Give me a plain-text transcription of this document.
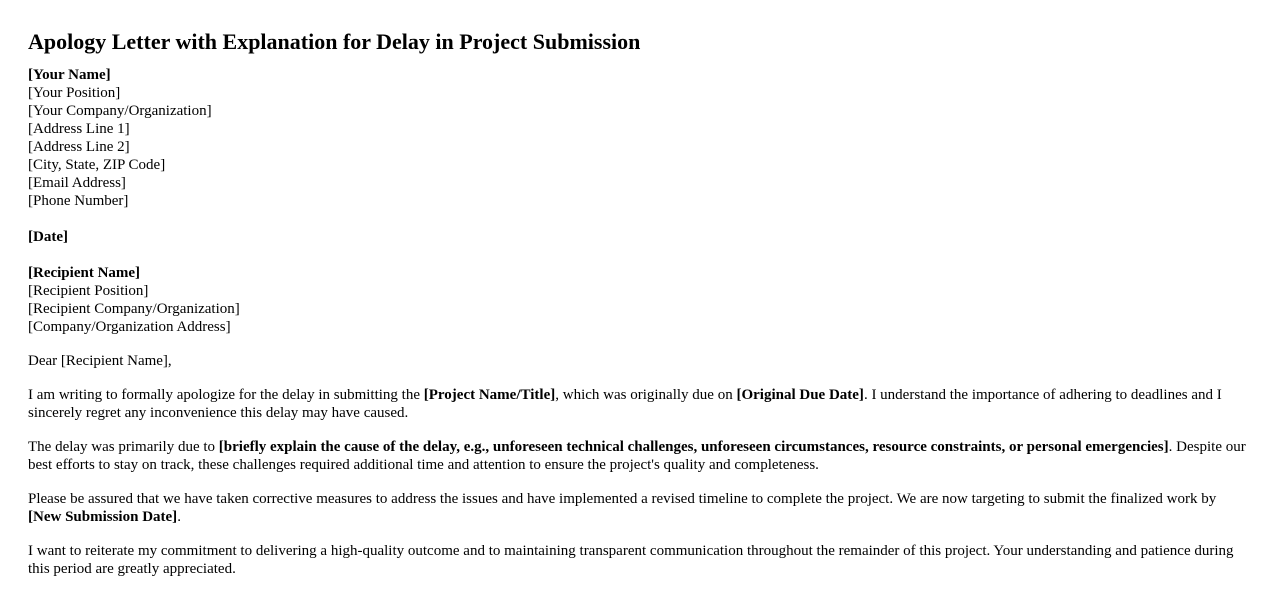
Apology Letter with Explanation for Delay in Project Submission
[Your Name]
[Your Position]
[Your Company/Organization]
[Address Line 1]
[Address Line 2]
[City, State, ZIP Code]
[Email Address]
[Phone Number]
[Date]
[Recipient Name]
[Recipient Position]
[Recipient Company/Organization]
[Company/Organization Address]

Dear [Recipient Name],

I am writing to formally apologize for the delay in submitting the [Project Name/Title], which was originally due on [Original Due Date]. I understand the importance of adhering to deadlines and I sincerely regret any inconvenience this delay may have caused.

The delay was primarily due to [briefly explain the cause of the delay, e.g., unforeseen technical challenges, unforeseen circumstances, resource constraints, or personal emergencies]. Despite our best efforts to stay on track, these challenges required additional time and attention to ensure the project's quality and completeness.

Please be assured that we have taken corrective measures to address the issues and have implemented a revised timeline to complete the project. We are now targeting to submit the finalized work by [New Submission Date].

I want to reiterate my commitment to delivering a high-quality outcome and to maintaining transparent communication throughout the remainder of this project. Your understanding and patience during this period are greatly appreciated.
